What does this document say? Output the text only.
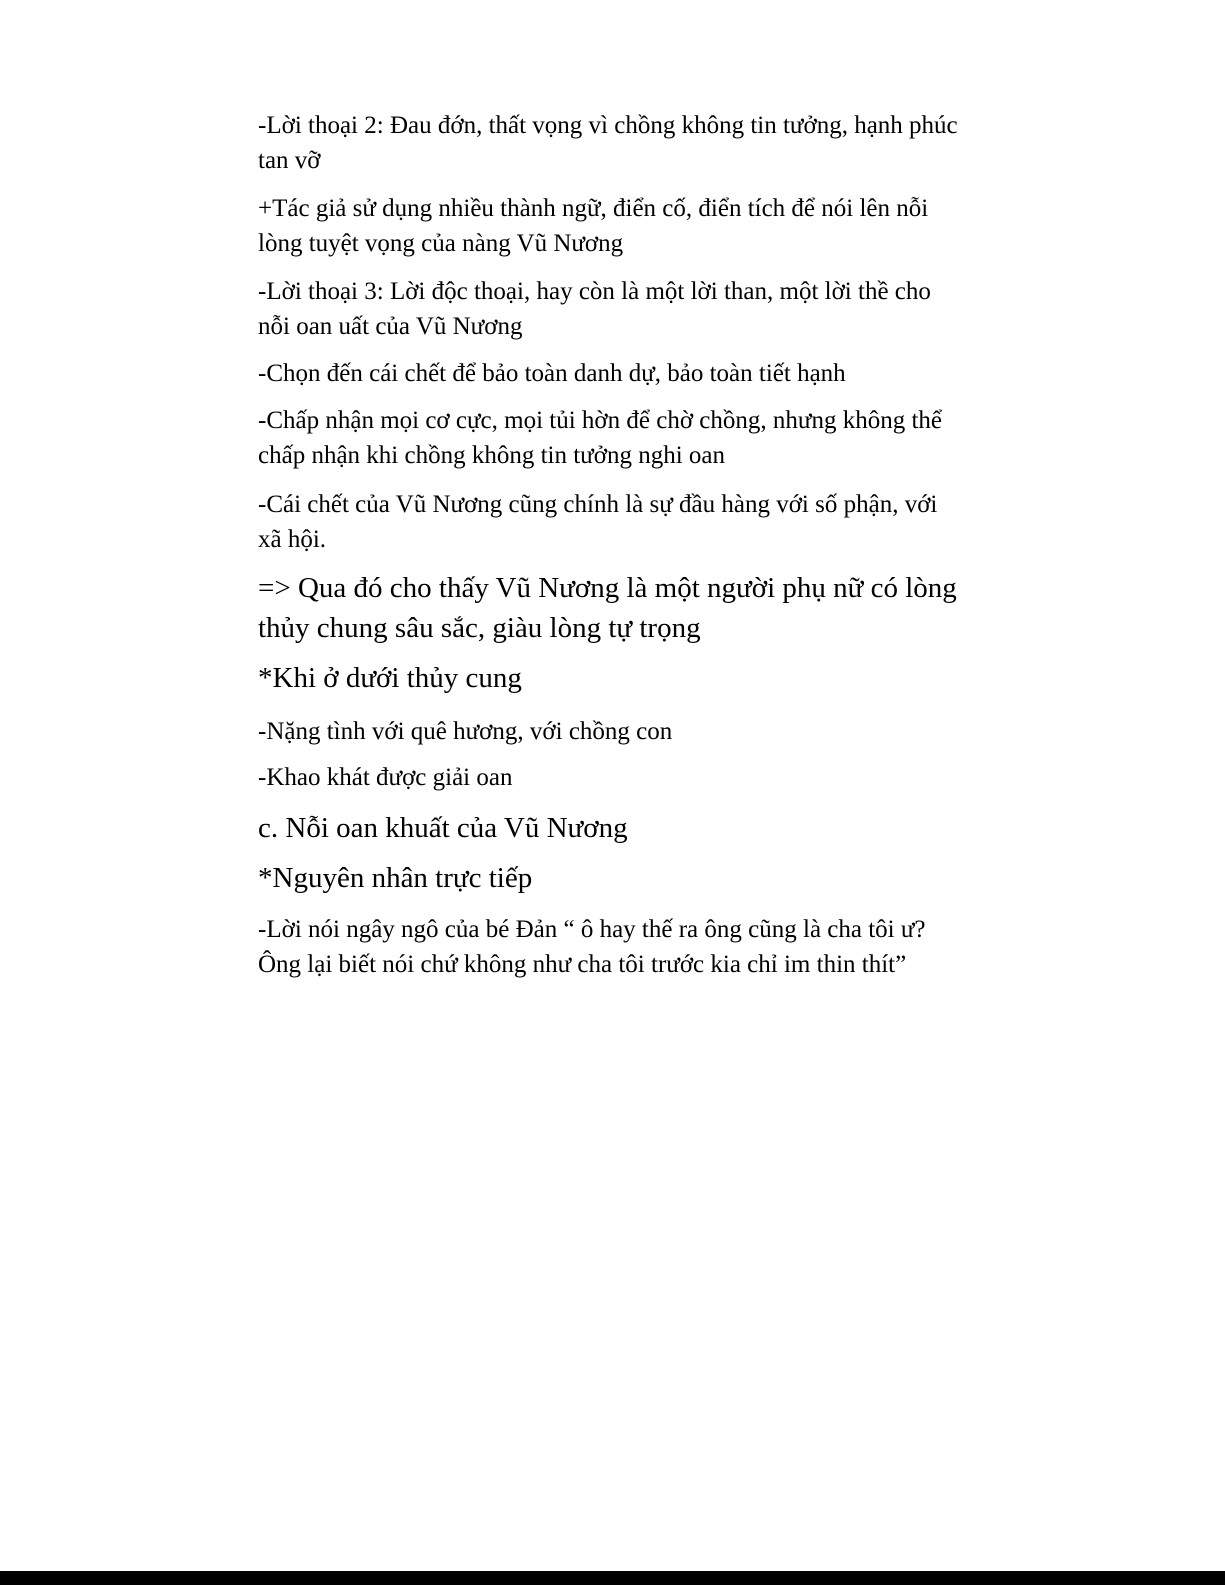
-Lời thoại 2: Đau đớn, thất vọng vì chồng không tin tưởng, hạnh phúc tan vỡ

+Tác giả sử dụng nhiều thành ngữ, điển cố, điển tích để nói lên nỗi lòng tuyệt vọng của nàng Vũ Nương

-Lời thoại 3: Lời độc thoại, hay còn là một lời than, một lời thề cho nỗi oan uất của Vũ Nương

-Chọn đến cái chết để bảo toàn danh dự, bảo toàn tiết hạnh

-Chấp nhận mọi cơ cực, mọi tủi hờn để chờ chồng, nhưng không thể chấp nhận khi chồng không tin tưởng nghi oan

-Cái chết của Vũ Nương cũng chính là sự đầu hàng với số phận, với xã hội.

=> Qua đó cho thấy Vũ Nương là một người phụ nữ có lòng thủy chung sâu sắc, giàu lòng tự trọng

*Khi ở dưới thủy cung

-Nặng tình với quê hương, với chồng con

-Khao khát được giải oan

c. Nỗi oan khuất của Vũ Nương

*Nguyên nhân trực tiếp

-Lời nói ngây ngô của bé Đản “ ô hay thế ra ông cũng là cha tôi ư? Ông lại biết nói chứ không như cha tôi trước kia chỉ im thin thít”
